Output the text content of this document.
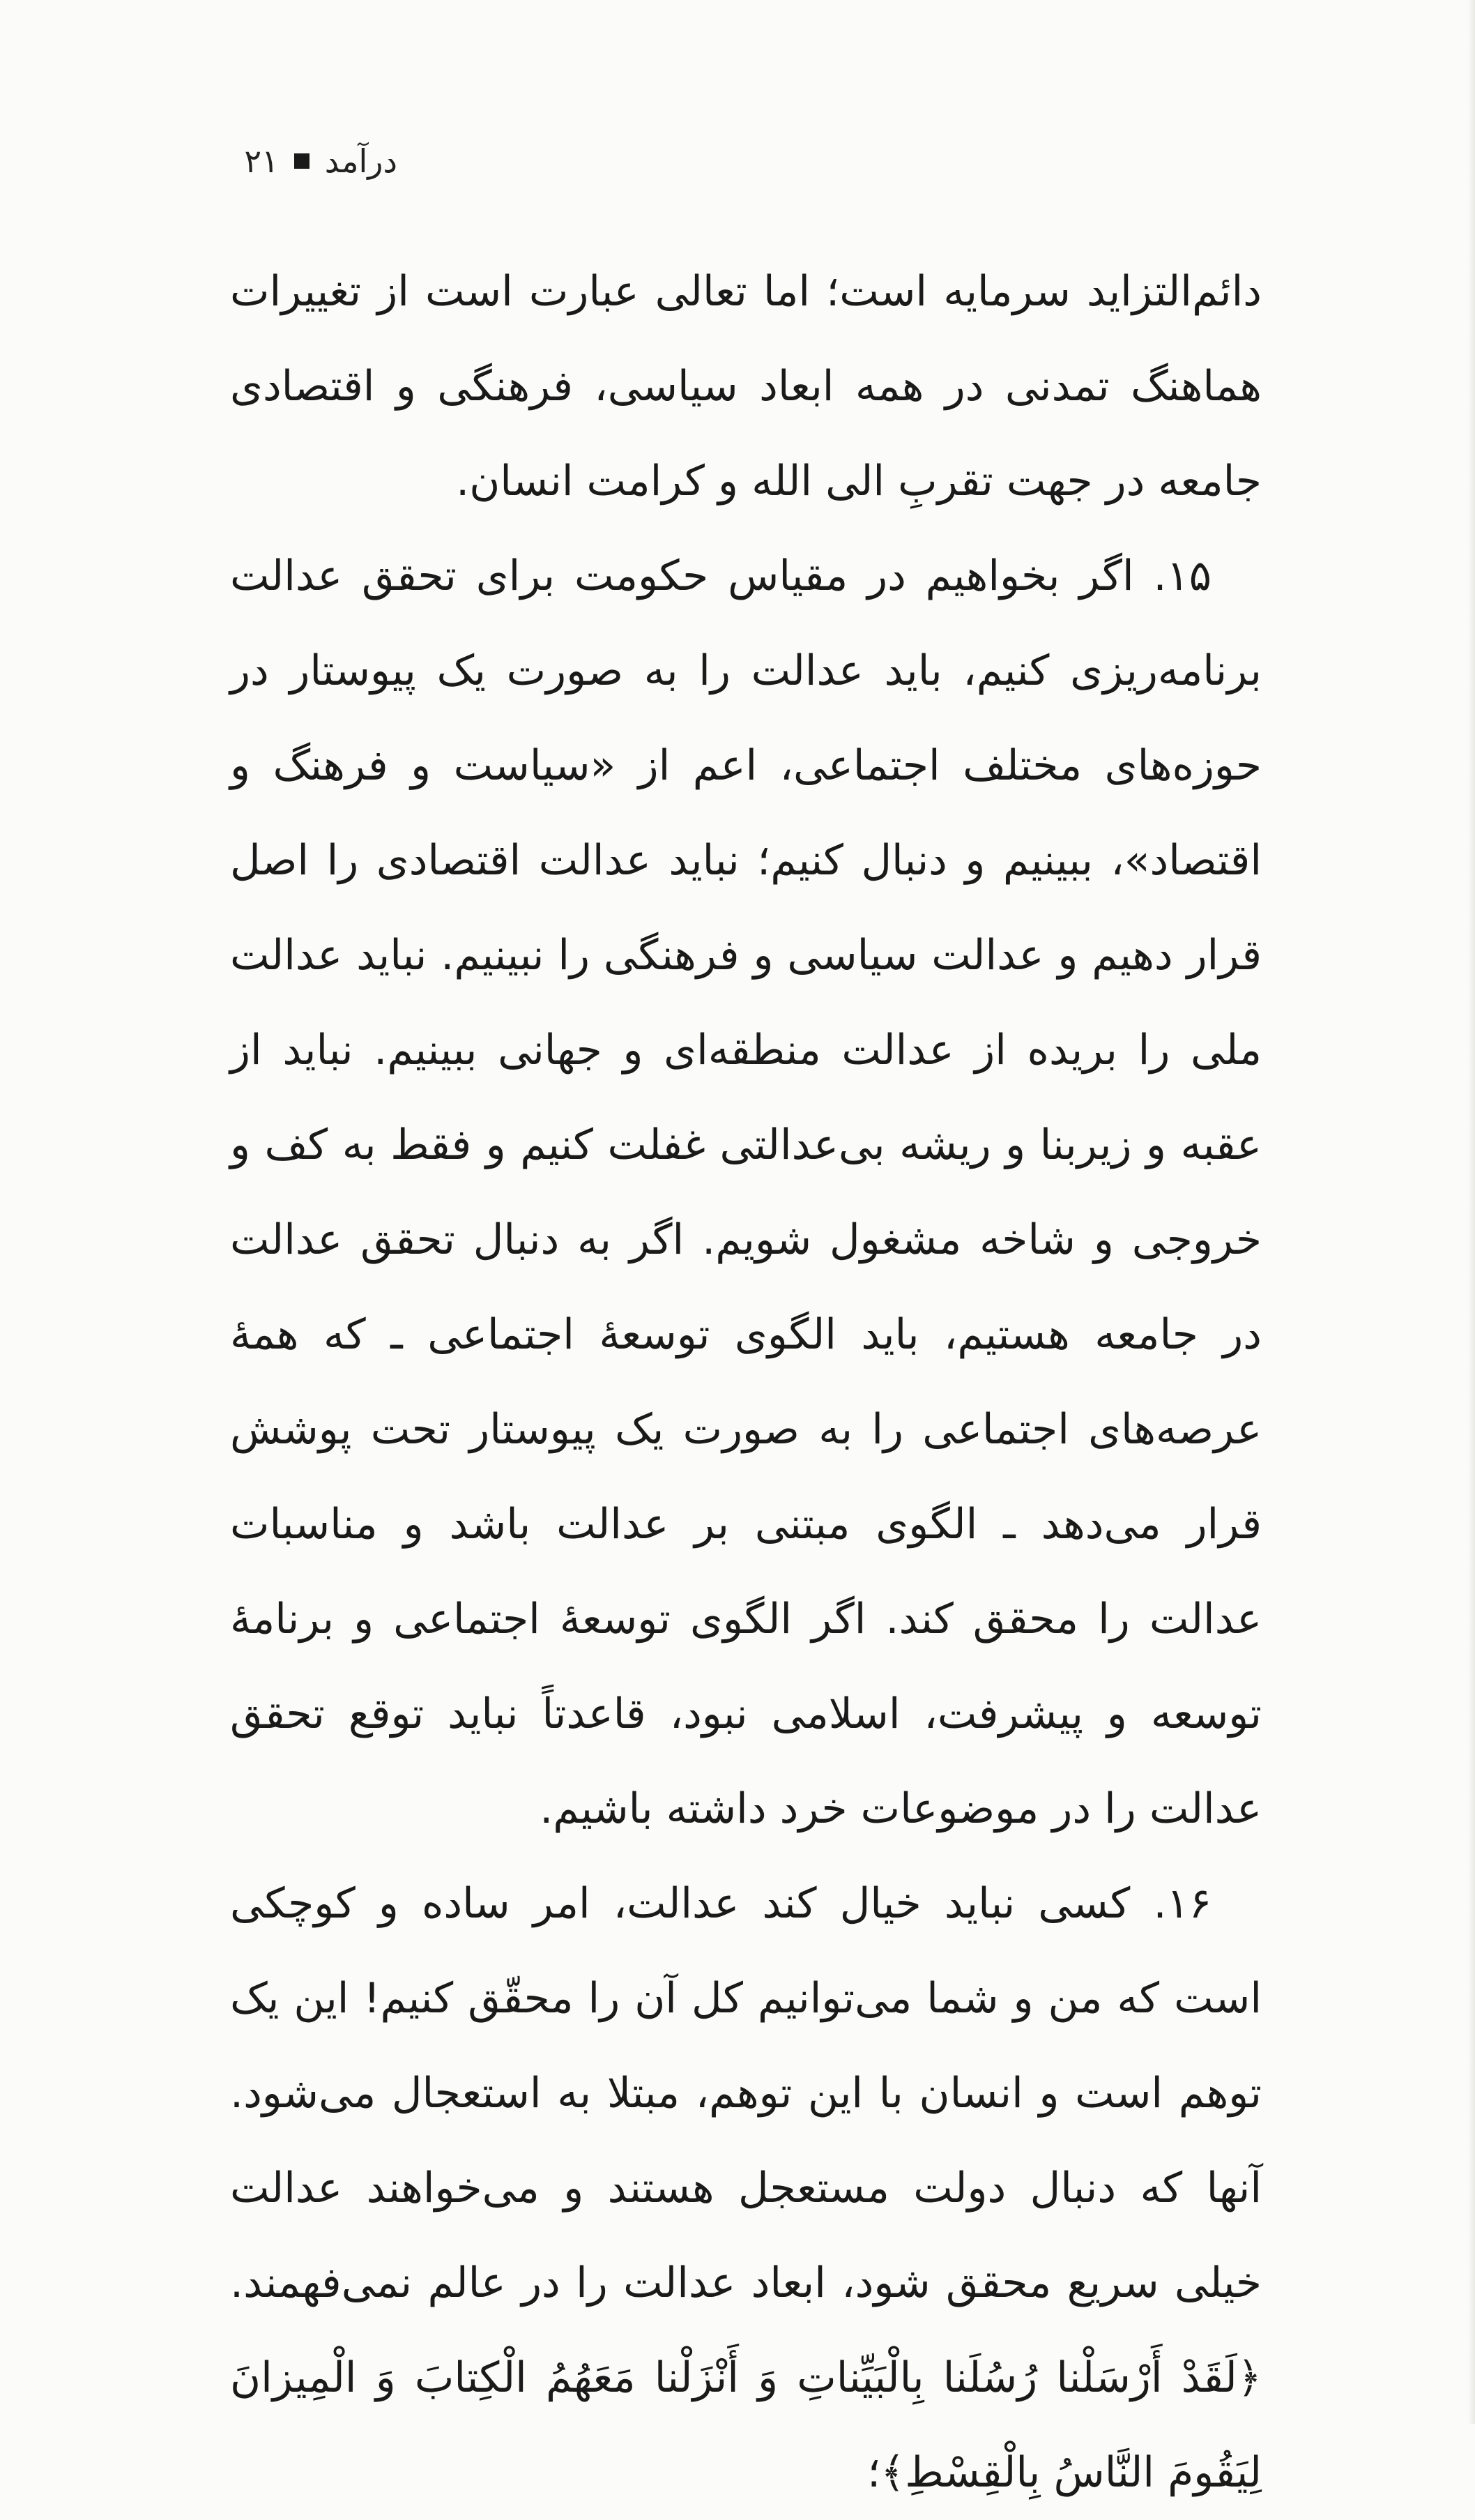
درآمد
۲۱

دائم‌التزاید سرمایه است؛ اما تعالی عبارت است از تغییرات هماهنگ تمدنی در همه ابعاد سیاسی، فرهنگی و اقتصادی جامعه در جهت تقربِ الی الله و کرامت انسان.

۱۵. اگر بخواهیم در مقیاس حکومت برای تحقق عدالت برنامه‌ریزی کنیم، باید عدالت را به صورت یک پیوستار در حوزه‌های مختلف اجتماعی، اعم از «سیاست و فرهنگ و اقتصاد»، ببینیم و دنبال کنیم؛ نباید عدالت اقتصادی را اصل قرار دهیم و عدالت سیاسی و فرهنگی را نبینیم. نباید عدالت ملی را بریده از عدالت منطقه‌ای و جهانی ببینیم. نباید از عقبه و زیربنا و ریشه بی‌عدالتی غفلت کنیم و فقط به کف و خروجی و شاخه مشغول شویم. اگر به دنبال تحقق عدالت در جامعه هستیم، باید الگوی توسعهٔ اجتماعی ـ که همهٔ عرصه‌های اجتماعی را به صورت یک پیوستار تحت پوشش قرار می‌دهد ـ الگوی مبتنی بر عدالت باشد و مناسبات عدالت را محقق کند. اگر الگوی توسعهٔ اجتماعی و برنامهٔ توسعه و پیشرفت، اسلامی نبود، قاعدتاً نباید توقع تحقق عدالت را در موضوعات خرد داشته باشیم.

۱۶. کسی نباید خیال کند عدالت، امر ساده و کوچکی است که من و شما می‌توانیم کل آن را محقّق کنیم! این یک توهم است و انسان با این توهم، مبتلا به استعجال می‌شود. آنها که دنبال دولت مستعجل هستند و می‌خواهند عدالت خیلی سریع محقق شود، ابعاد عدالت را در عالم نمی‌فهمند. ﴿لَقَدْ أَرْسَلْنا رُسُلَنا بِالْبَيِّناتِ وَ أَنْزَلْنا مَعَهُمُ الْكِتابَ وَ الْمِيزانَ لِيَقُومَ النَّاسُ بِالْقِسْطِ﴾؛
